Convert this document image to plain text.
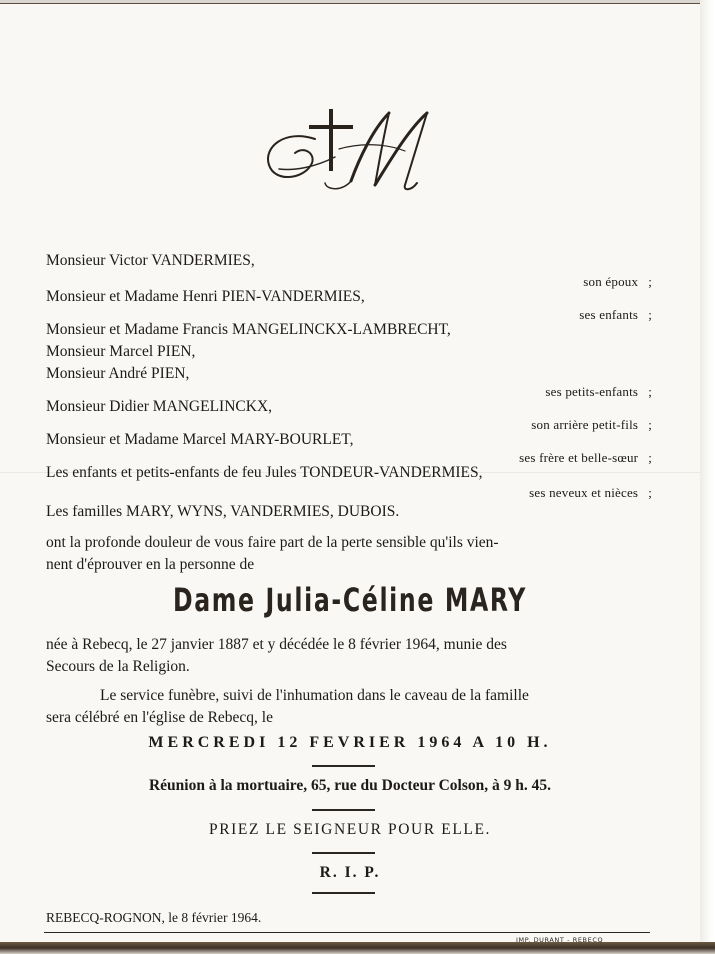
Monsieur Victor VANDERMIES,
son époux ;
Monsieur et Madame Henri PIEN-VANDERMIES,
ses enfants ;
Monsieur et Madame Francis MANGELINCKX-LAMBRECHT,
Monsieur Marcel PIEN,
Monsieur André PIEN,
ses petits-enfants ;
Monsieur Didier MANGELINCKX,
son arrière petit-fils ;
Monsieur et Madame Marcel MARY-BOURLET,
ses frère et belle-sœur ;
Les enfants et petits-enfants de feu Jules TONDEUR-VANDERMIES,
ses neveux et nièces ;
Les familles MARY, WYNS, VANDERMIES, DUBOIS.
ont la profonde douleur de vous faire part de la perte sensible qu'ils vien-
nent d'éprouver en la personne de
Dame Julia-Céline MARY
née à Rebecq, le 27 janvier 1887 et y décédée le 8 février 1964, munie des
Secours de la Religion.
Le service funèbre, suivi de l'inhumation dans le caveau de la famille
sera célébré en l'église de Rebecq, le
MERCREDI 12 FEVRIER 1964 A 10 H.
Réunion à la mortuaire, 65, rue du Docteur Colson, à 9 h. 45.
PRIEZ LE SEIGNEUR POUR ELLE.
R. I. P.
REBECQ-ROGNON, le 8 février 1964.
IMP. DURANT - REBECQ
